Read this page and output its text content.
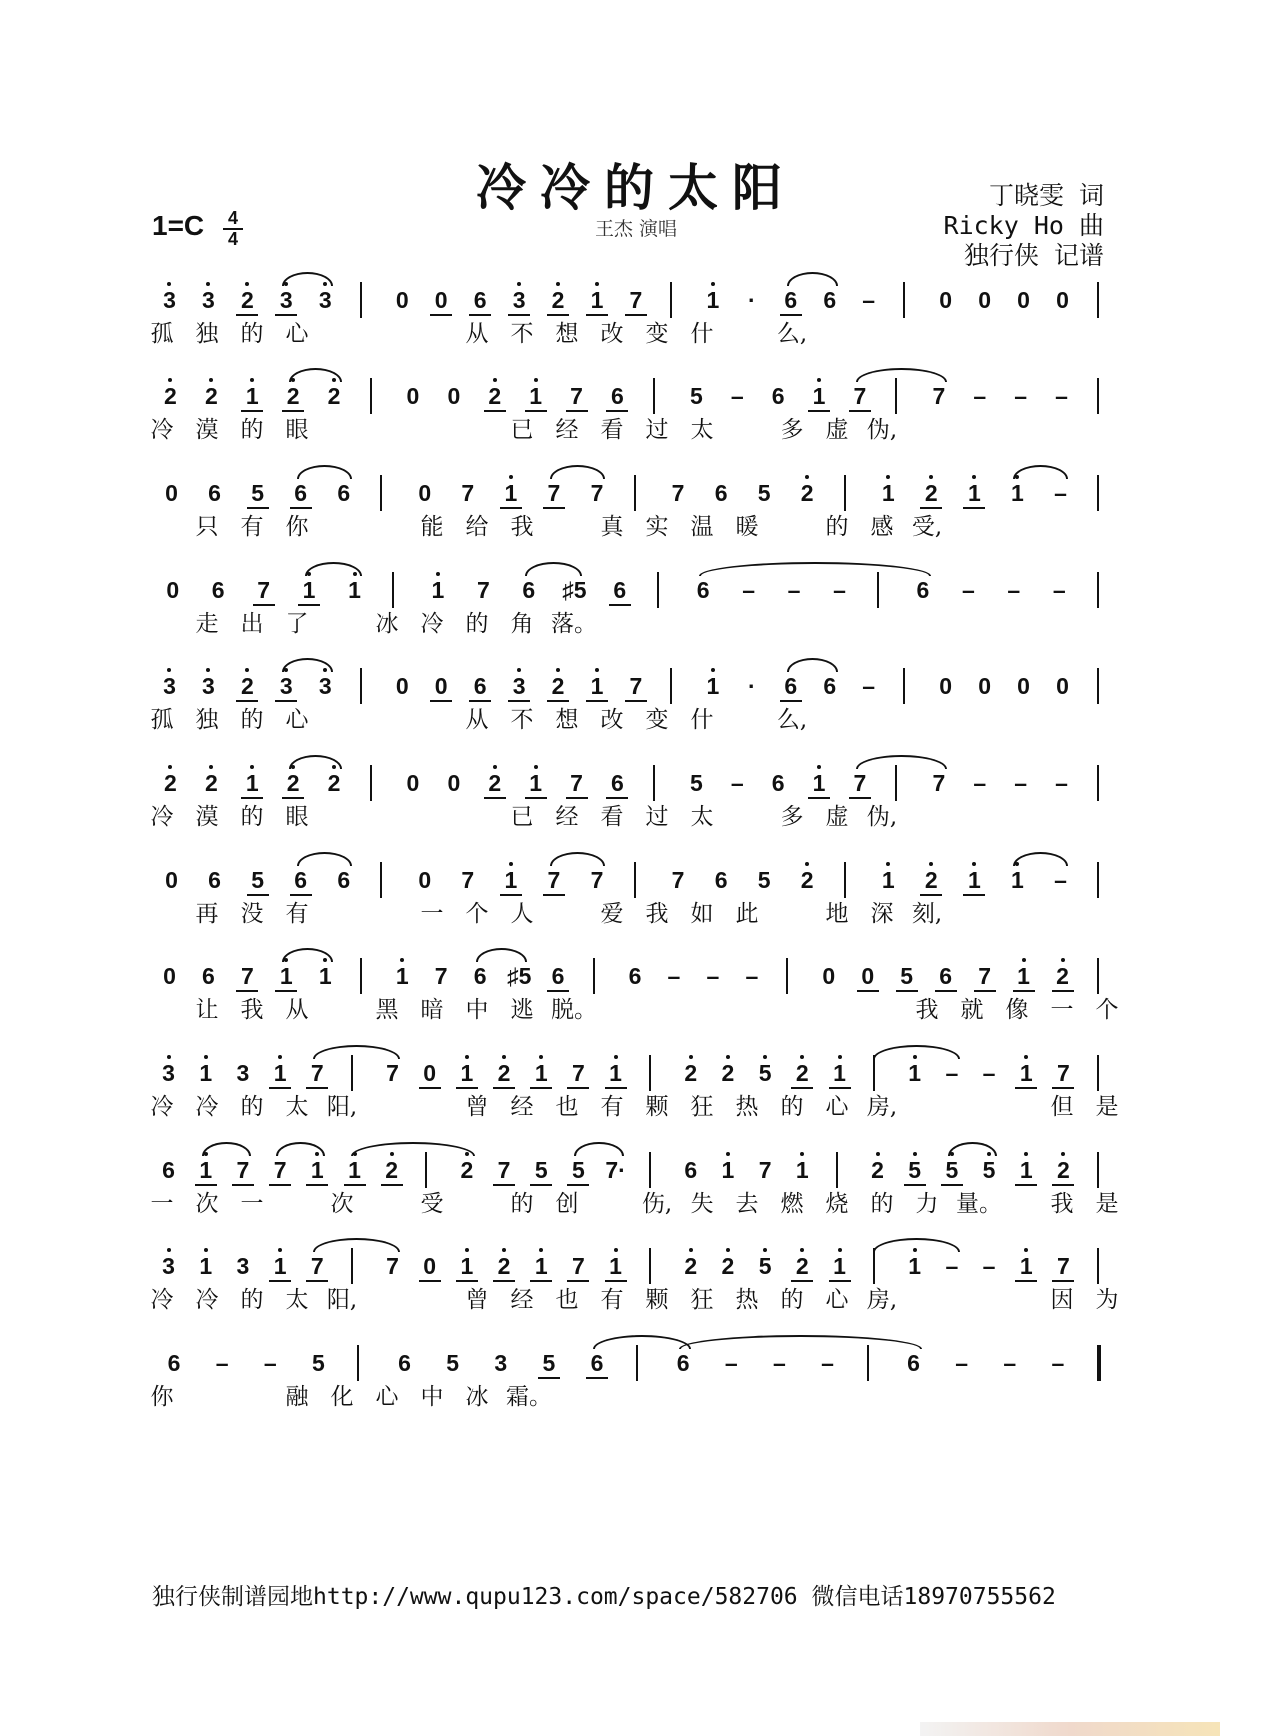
冷冷的太阳
王杰 演唱
1=C 4
4
丁晓雯 词
Ricky Ho 曲
独行侠 记谱
3 3 2 3 3	0 0 6 3 2 1 7	1	·	6 6 –	0 0 0 0
孤 独 的 心	从 不 想 改 变 什	么,
2 2 1 2 2	0 0 2 1 7 6	5 – 6 1 7	7 – – –
冷 漠 的 眼	已 经 看 过 太	多 虚 伪,
0 6 5 6 6	0 7 1 7 7	7 6 5 2	1 2 1 1 –
只 有 你	能 给 我	真 实 温 暖	的 感 受,
0 6 7 1 1	1 7 6 ♯5 6	6 – – –	6 – – –
走 出 了	冰 冷 的 角 落。
3 3 2 3 3	0 0 6 3 2 1 7	1	·	6 6 –	0 0 0 0
孤 独 的 心	从 不 想 改 变 什	么,
2 2 1 2 2	0 0 2 1 7 6	5 – 6 1 7	7 – – –
冷 漠 的 眼	已 经 看 过 太	多 虚 伪,
0 6 5 6 6	0 7 1 7 7	7 6 5 2	1 2 1 1 –
再 没 有	一 个 人	爱 我 如 此	地 深 刻,
0 6 7 1 1	1 7 6 ♯5 6	6 – – –	0 0 5 6 7 1 2
让 我 从	黑 暗 中 逃 脱。	我 就 像 一 个
3 1 3 1 7	7 0 1 2 1 7 1	2 2 5 2 1	1 – – 1 7
冷 冷 的 太 阳,	曾 经 也 有 颗 狂 热 的 心 房,	但 是
6 1 7 7 1 1 2	2 7 5 5 7·	6 1 7 1	2 5 5 5 1 2
一 次 一	次	受	的 创	伤, 失 去 燃 烧 的 力 量。 我 是
3 1 3 1 7	7 0 1 2 1 7 1	2 2 5 2 1	1 – – 1 7
冷 冷 的 太 阳,	曾 经 也 有 颗 狂 热 的 心 房,	因 为
6 – – 5	6 5 3 5 6	6 – – –	6 – – –
你	融 化 心 中 冰 霜。
独行侠制谱园地http://www.qupu123.com/space/582706 微信电话18970755562
